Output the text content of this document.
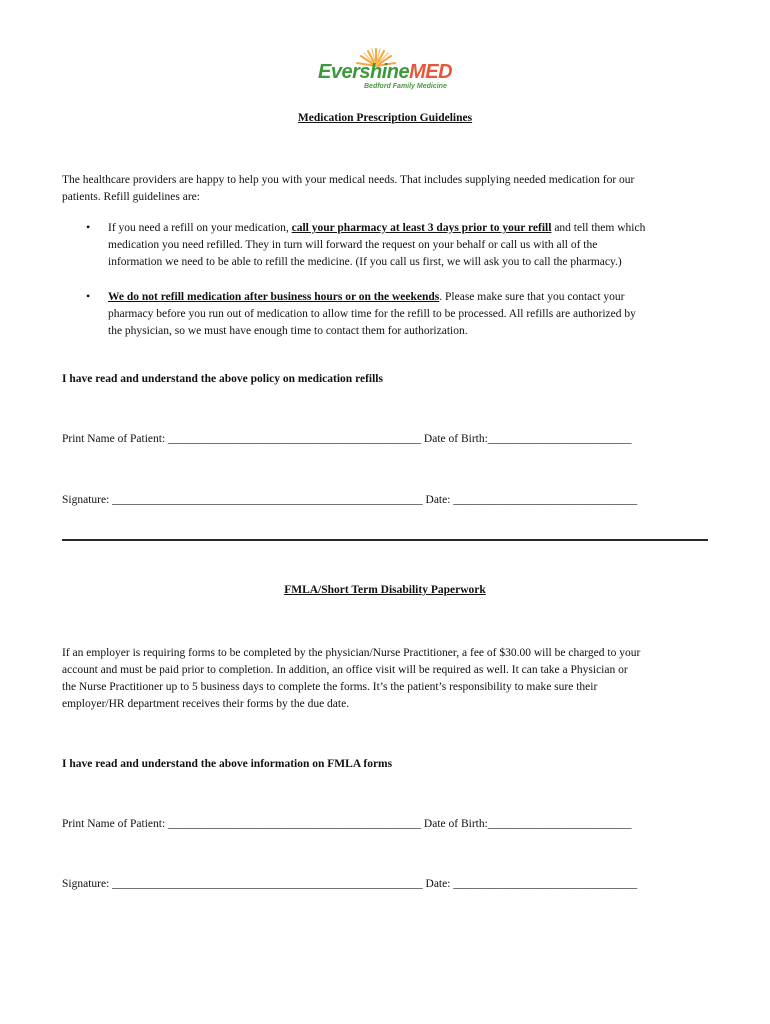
EvershineMED
Bedford Family Medicine
Medication Prescription Guidelines
The healthcare providers are happy to help you with your medical needs. That includes supplying needed medication for our
patients. Refill guidelines are:
• If you need a refill on your medication, call your pharmacy at least 3 days prior to your refill and tell them which
medication you need refilled. They in turn will forward the request on your behalf or call us with all of the
information we need to be able to refill the medicine. (If you call us first, we will ask you to call the pharmacy.)
• We do not refill medication after business hours or on the weekends. Please make sure that you contact your
pharmacy before you run out of medication to allow time for the refill to be processed. All refills are authorized by
the physician, so we must have enough time to contact them for authorization.
I have read and understand the above policy on medication refills
Print Name of Patient: ____________________________________________ Date of Birth:_________________________
Signature: ______________________________________________________ Date: ________________________________
FMLA/Short Term Disability Paperwork
If an employer is requiring forms to be completed by the physician/Nurse Practitioner, a fee of $30.00 will be charged to your
account and must be paid prior to completion. In addition, an office visit will be required as well. It can take a Physician or
the Nurse Practitioner up to 5 business days to complete the forms. It’s the patient’s responsibility to make sure their
employer/HR department receives their forms by the due date.
I have read and understand the above information on FMLA forms
Print Name of Patient: ____________________________________________ Date of Birth:_________________________
Signature: ______________________________________________________ Date: ________________________________
